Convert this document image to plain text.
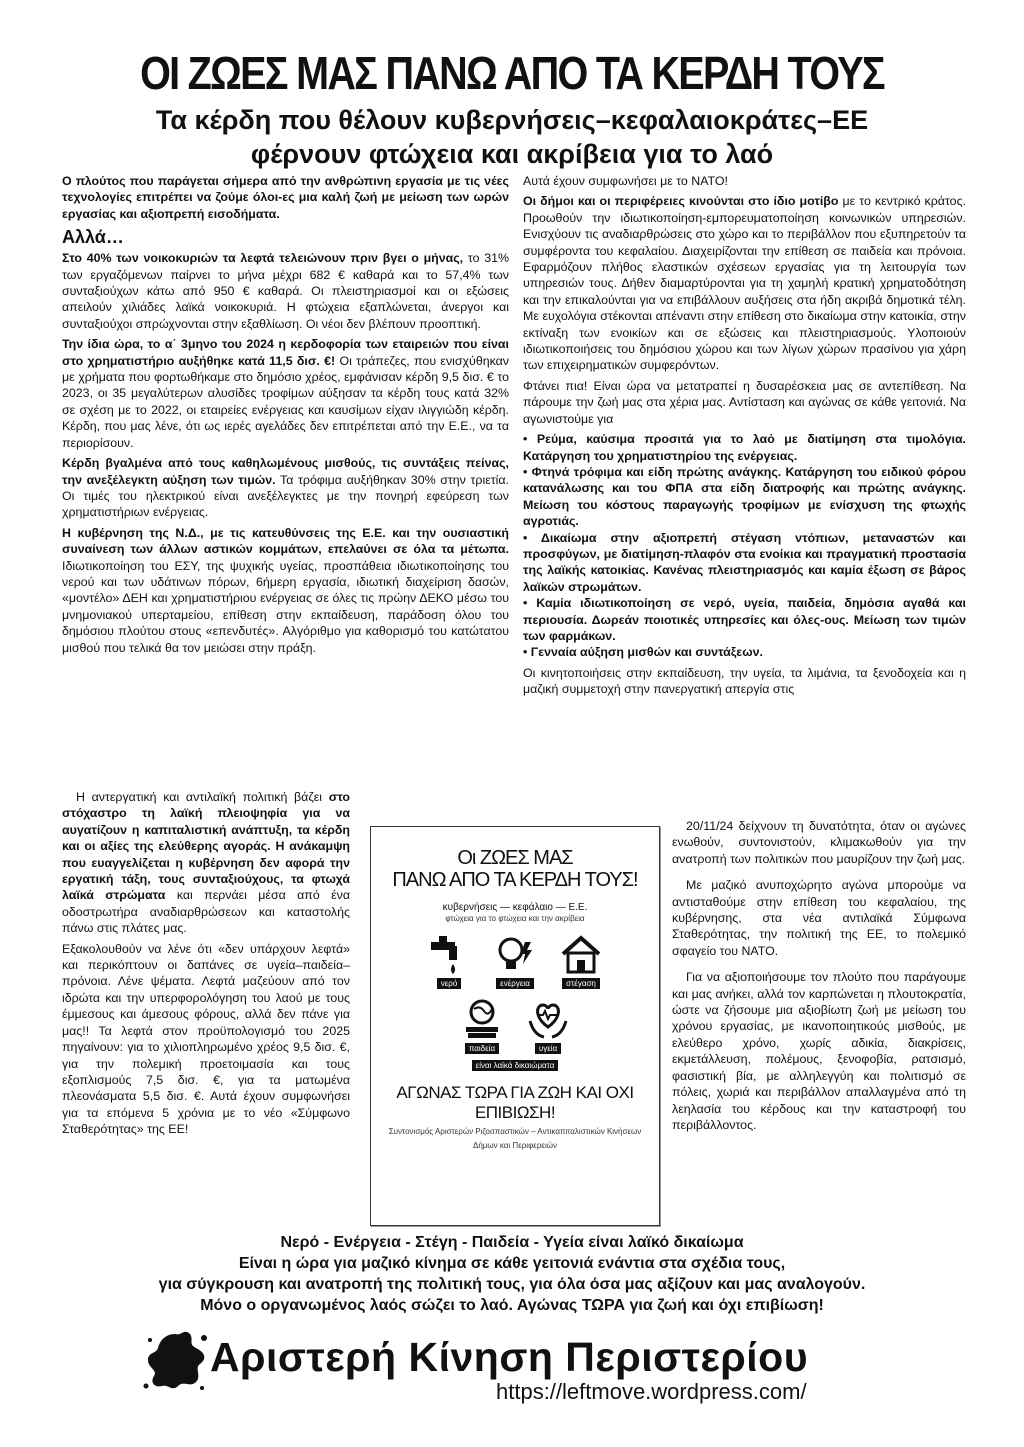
ΟΙ ΖΩΕΣ ΜΑΣ ΠΑΝΩ ΑΠΟ ΤΑ ΚΕΡΔΗ ΤΟΥΣ
Τα κέρδη που θέλουν κυβερνήσεις–κεφαλαιοκράτες–ΕΕ
φέρνουν φτώχεια και ακρίβεια για το λαό

Ο πλούτος που παράγεται σήμερα από την ανθρώπινη εργασία με τις νέες τεχνολογίες επιτρέπει να ζούμε όλοι-ες μια καλή ζωή με μείωση των ωρών εργασίας και αξιοπρεπή εισοδήματα.

Αλλά…

Στο 40% των νοικοκυριών τα λεφτά τελειώνουν πριν βγει ο μήνας, το 31% των εργαζόμενων παίρνει το μήνα μέχρι 682 € καθαρά και το 57,4% των συνταξιούχων κάτω από 950 € καθαρά. Οι πλειστηριασμοί και οι εξώσεις απειλούν χιλιάδες λαϊκά νοικοκυριά. Η φτώχεια εξαπλώνεται, άνεργοι και συνταξιούχοι σπρώχνονται στην εξαθλίωση. Οι νέοι δεν βλέπουν προοπτική.

Την ίδια ώρα, το α΄ 3μηνο του 2024 η κερδοφορία των εταιρειών που είναι στο χρηματιστήριο αυξήθηκε κατά 11,5 δισ. €! Οι τράπεζες, που ενισχύθηκαν με χρήματα που φορτωθήκαμε στο δημόσιο χρέος, εμφάνισαν κέρδη 9,5 δισ. € το 2023, οι 35 μεγαλύτερων αλυσίδες τροφίμων αύξησαν τα κέρδη τους κατά 32% σε σχέση με το 2022, οι εταιρείες ενέργειας και καυσίμων είχαν ιλιγγιώδη κέρδη. Κέρδη, που μας λένε, ότι ως ιερές αγελάδες δεν επιτρέπεται από την Ε.Ε., να τα περιορίσουν.

Κέρδη βγαλμένα από τους καθηλωμένους μισθούς, τις συντάξεις πείνας, την ανεξέλεγκτη αύξηση των τιμών. Τα τρόφιμα αυξήθηκαν 30% στην τριετία. Οι τιμές του ηλεκτρικού είναι ανεξέλεγκτες με την πονηρή εφεύρεση των χρηματιστήριων ενέργειας.

Η κυβέρνηση της Ν.Δ., με τις κατευθύνσεις της Ε.Ε. και την ουσιαστική συναίνεση των άλλων αστικών κομμάτων, επελαύνει σε όλα τα μέτωπα. Ιδιωτικοποίηση του ΕΣΥ, της ψυχικής υγείας, προσπάθεια ιδιωτικοποίησης του νερού και των υδάτινων πόρων, 6ήμερη εργασία, ιδιωτική διαχείριση δασών, «μοντέλο» ΔΕΗ και χρηματιστήριου ενέργειας σε όλες τις πρώην ΔΕΚΟ μέσω του μνημονιακού υπερταμείου, επίθεση στην εκπαίδευση, παράδοση όλου του δημόσιου πλούτου στους «επενδυτές». Αλγόριθμο για καθορισμό του κατώτατου μισθού που τελικά θα τον μειώσει στην πράξη.

Η αντεργατική και αντιλαϊκή πολιτική βάζει στο στόχαστρο τη λαϊκή πλειοψηφία για να αυγατίζουν η καπιταλιστική ανάπτυξη, τα κέρδη και οι αξίες της ελεύθερης αγοράς. Η ανάκαμψη που ευαγγελίζεται η κυβέρνηση δεν αφορά την εργατική τάξη, τους συνταξιούχους, τα φτωχά λαϊκά στρώματα και περνάει μέσα από ένα οδοστρωτήρα αναδιαρθρώσεων και καταστολής πάνω στις πλάτες μας.

Εξακολουθούν να λένε ότι «δεν υπάρχουν λεφτά» και περικόπτουν οι δαπάνες σε υγεία–παιδεία–πρόνοια. Λένε ψέματα. Λεφτά μαζεύουν από τον ιδρώτα και την υπερφορολόγηση του λαού με τους έμμεσους και άμεσους φόρους, αλλά δεν πάνε για μας!! Τα λεφτά στον προϋπολογισμό του 2025 πηγαίνουν: για το χιλιοπληρωμένο χρέος 9,5 δισ. €, για την πολεμική προετοιμασία και τους εξοπλισμούς 7,5 δισ. €, για τα ματωμένα πλεονάσματα 5,5 δισ. €. Αυτά έχουν συμφωνήσει για τα επόμενα 5 χρόνια με το νέο «Σύμφωνο Σταθερότητας» της ΕΕ!

Αυτά έχουν συμφωνήσει με το ΝΑΤΟ!

Οι δήμοι και οι περιφέρειες κινούνται στο ίδιο μοτίβο με το κεντρικό κράτος. Προωθούν την ιδιωτικοποίηση-εμπορευματοποίηση κοινωνικών υπηρεσιών. Ενισχύουν τις αναδιαρθρώσεις στο χώρο και το περιβάλλον που εξυπηρετούν τα συμφέροντα του κεφαλαίου. Διαχειρίζονται την επίθεση σε παιδεία και πρόνοια. Εφαρμόζουν πλήθος ελαστικών σχέσεων εργασίας για τη λειτουργία των υπηρεσιών τους. Δήθεν διαμαρτύρονται για τη χαμηλή κρατική χρηματοδότηση και την επικαλούνται για να επιβάλλουν αυξήσεις στα ήδη ακριβά δημοτικά τέλη. Με ευχολόγια στέκονται απέναντι στην επίθεση στο δικαίωμα στην κατοικία, στην εκτίναξη των ενοικίων και σε εξώσεις και πλειστηριασμούς. Υλοποιούν ιδιωτικοποιήσεις του δημόσιου χώρου και των λίγων χώρων πρασίνου για χάρη των επιχειρηματικών συμφερόντων.

Φτάνει πια! Είναι ώρα να μετατραπεί η δυσαρέσκεια μας σε αντεπίθεση. Να πάρουμε την ζωή μας στα χέρια μας. Αντίσταση και αγώνας σε κάθε γειτονιά. Να αγωνιστούμε για

• Ρεύμα, καύσιμα προσιτά για το λαό με διατίμηση στα τιμολόγια. Κατάργηση του χρηματιστηρίου της ενέργειας.
• Φτηνά τρόφιμα και είδη πρώτης ανάγκης. Κατάργηση του ειδικού φόρου κατανάλωσης και του ΦΠΑ στα είδη διατροφής και πρώτης ανάγκης. Μείωση του κόστους παραγωγής τροφίμων με ενίσχυση της φτωχής αγροτιάς.
• Δικαίωμα στην αξιοπρεπή στέγαση ντόπιων, μεταναστών και προσφύγων, με διατίμηση-πλαφόν στα ενοίκια και πραγματική προστασία της λαϊκής κατοικίας. Κανένας πλειστηριασμός και καμία έξωση σε βάρος λαϊκών στρωμάτων.
• Καμία ιδιωτικοποίηση σε νερό, υγεία, παιδεία, δημόσια αγαθά και περιουσία. Δωρεάν ποιοτικές υπηρεσίες και όλες-ους. Μείωση των τιμών των φαρμάκων.
• Γενναία αύξηση μισθών και συντάξεων.

Οι κινητοποιήσεις στην εκπαίδευση, την υγεία, τα λιμάνια, τα ξενοδοχεία και η μαζική συμμετοχή στην πανεργατική απεργία στις

20/11/24 δείχνουν τη δυνατότητα, όταν οι αγώνες ενωθούν, συντονιστούν, κλιμακωθούν για την ανατροπή των πολιτικών που μαυρίζουν την ζωή μας.

Με μαζικό ανυποχώρητο αγώνα μπορούμε να αντισταθούμε στην επίθεση του κεφαλαίου, της κυβέρνησης, στα νέα αντιλαϊκά Σύμφωνα Σταθερότητας, την πολιτική της ΕΕ, το πολεμικό σφαγείο του ΝΑΤΟ.

Για να αξιοποιήσουμε τον πλούτο που παράγουμε και μας ανήκει, αλλά τον καρπώνεται η πλουτοκρατία, ώστε να ζήσουμε μια αξιοβίωτη ζωή με μείωση του χρόνου εργασίας, με ικανοποιητικούς μισθούς, με ελεύθερο χρόνο, χωρίς αδικία, διακρίσεις, εκμετάλλευση, πολέμους, ξενοφοβία, ρατσισμό, φασιστική βία, με αλληλεγγύη και πολιτισμό σε πόλεις, χωριά και περιβάλλον απαλλαγμένα από τη λεηλασία του κέρδους και την καταστροφή του περιβάλλοντος.

Οι ΖΩΕΣ ΜΑΣ
ΠΑΝΩ ΑΠΟ ΤΑ ΚΕΡΔΗ ΤΟΥΣ!
κυβερνήσεις — κεφάλαιο — Ε.Ε.
φτώχεια για το φτώχεια και την ακρίβεια
νερό	ενέργεια	στέγαση
παιδεία	υγεία
είναι λαϊκά δικαιώματα
ΑΓΩΝΑΣ ΤΩΡΑ ΓΙΑ ΖΩΗ ΚΑΙ ΟΧΙ ΕΠΙΒΙΩΣΗ!
Συντονισμός Αριστερών Ριζοσπαστικών – Αντικαπιταλιστικών Κινήσεων
Δήμων και Περιφερειών
Νερό - Ενέργεια - Στέγη - Παιδεία - Υγεία είναι λαϊκό δικαίωμα
Είναι η ώρα για μαζικό κίνημα σε κάθε γειτονιά ενάντια στα σχέδια τους,
για σύγκρουση και ανατροπή της πολιτική τους, για όλα όσα μας αξίζουν και μας αναλογούν.
Μόνο ο οργανωμένος λαός σώζει το λαό. Αγώνας ΤΩΡΑ για ζωή και όχι επιβίωση!
Αριστερή Κίνηση Περιστερίου
https://leftmove.wordpress.com/
